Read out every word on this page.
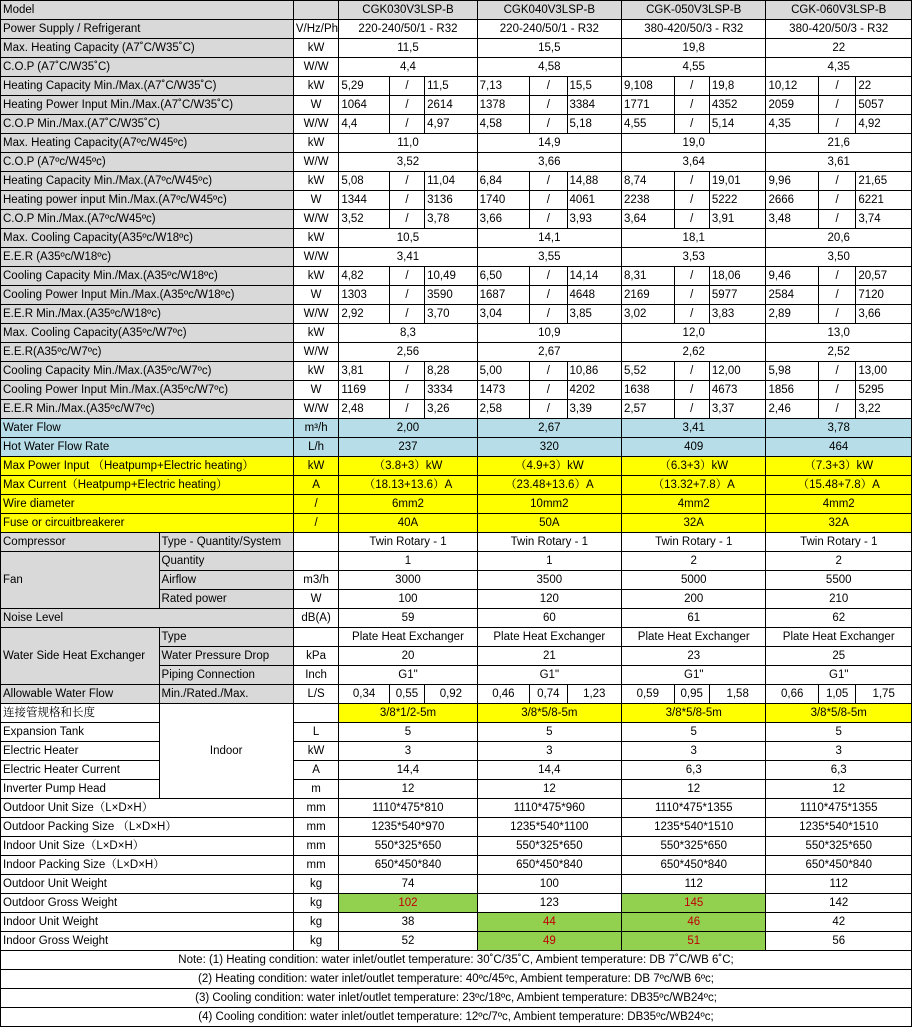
Model			CGK030V3LSP-B			CGK040V3LSP-B			CGK-050V3LSP-B			CGK-060V3LSP-B		
Power Supply / Refrigerant		V/Hz/Ph	220-240/50/1 - R32			220-240/50/1 - R32			380-420/50/3 - R32			380-420/50/3 - R32		
Max. Heating Capacity (A7˚C/W35˚C)		kW	11,5			15,5			19,8			22		
C.O.P (A7˚C/W35˚C)		W/W	4,4			4,58			4,55			4,35		
Heating Capacity Min./Max.(A7˚C/W35˚C)		kW	5,29	/	11,5	7,13	/	15,5	9,108	/	19,8	10,12	/	22
Heating Power Input Min./Max.(A7˚C/W35˚C)		W	1064	/	2614	1378	/	3384	1771	/	4352	2059	/	5057
C.O.P Min./Max.(A7˚C/W35˚C)		W/W	4,4	/	4,97	4,58	/	5,18	4,55	/	5,14	4,35	/	4,92
Max. Heating Capacity(A7ºc/W45ºc)		kW	11,0			14,9			19,0			21,6		
C.O.P (A7ºc/W45ºc)		W/W	3,52			3,66			3,64			3,61		
Heating Capacity Min./Max.(A7ºc/W45ºc)		kW	5,08	/	11,04	6,84	/	14,88	8,74	/	19,01	9,96	/	21,65
Heating power input Min./Max.(A7ºc/W45ºc)		W	1344	/	3136	1740	/	4061	2238	/	5222	2666	/	6221
C.O.P Min./Max.(A7ºc/W45ºc)		W/W	3,52	/	3,78	3,66	/	3,93	3,64	/	3,91	3,48	/	3,74
Max. Cooling Capacity(A35ºc/W18ºc)		kW	10,5			14,1			18,1			20,6		
E.E.R (A35ºc/W18ºc)		W/W	3,41			3,55			3,53			3,50		
Cooling Capacity Min./Max.(A35ºc/W18ºc)		kW	4,82	/	10,49	6,50	/	14,14	8,31	/	18,06	9,46	/	20,57
Cooling Power Input Min./Max.(A35ºc/W18ºc)		W	1303	/	3590	1687	/	4648	2169	/	5977	2584	/	7120
E.E.R Min./Max.(A35ºc/W18ºc)		W/W	2,92	/	3,70	3,04	/	3,85	3,02	/	3,83	2,89	/	3,66
Max. Cooling Capacity(A35ºc/W7ºc)		kW	8,3			10,9			12,0			13,0		
E.E.R(A35ºc/W7ºc)		W/W	2,56			2,67			2,62			2,52		
Cooling Capacity Min./Max.(A35ºc/W7ºc)		kW	3,81	/	8,28	5,00	/	10,86	5,52	/	12,00	5,98	/	13,00
Cooling Power Input Min./Max.(A35ºc/W7ºc)		W	1169	/	3334	1473	/	4202	1638	/	4673	1856	/	5295
E.E.R Min./Max.(A35ºc/W7ºc)		W/W	2,48	/	3,26	2,58	/	3,39	2,57	/	3,37	2,46	/	3,22
Water Flow		m³/h	2,00			2,67			3,41			3,78		
Hot Water Flow Rate		L/h	237			320			409			464		
Max Power Input （Heatpump+Electric heating）		kW	（3.8+3）kW			（4.9+3）kW			（6.3+3）kW			（7.3+3）kW		
Max Current（Heatpump+Electric heating）		A	（18.13+13.6）A			（23.48+13.6）A			（13.32+7.8）A			（15.48+7.8）A		
Wire diameter		/	6mm2			10mm2			4mm2			4mm2		
Fuse or circuitbreakerer		/	40A			50A			32A			32A		
Compressor	Type - Quantity/System		Twin Rotary - 1			Twin Rotary - 1			Twin Rotary - 1			Twin Rotary - 1		
Fan	Quantity		1			1			2			2		
	Airflow	m3/h	3000			3500			5000			5500		
	Rated power	W	100			120			200			210		
Noise Level		dB(A)	59			60			61			62		
Water Side Heat Exchanger	Type		Plate Heat Exchanger			Plate Heat Exchanger			Plate Heat Exchanger			Plate Heat Exchanger		
	Water Pressure Drop	kPa	20			21			23			25		
	Piping Connection	Inch	G1"			G1"			G1"			G1"		
Allowable Water Flow	Min./Rated./Max.	L/S	0,34	0,55	0,92	0,46	0,74	1,23	0,59	0,95	1,58	0,66	1,05	1,75
连接管规格和长度	Indoor		3/8*1/2-5m			3/8*5/8-5m			3/8*5/8-5m			3/8*5/8-5m		
Expansion Tank		L	5			5			5			5		
Electric Heater		kW	3			3			3			3		
Electric Heater Current		A	14,4			14,4			6,3			6,3		
Inverter Pump Head		m	12			12			12			12		
Outdoor Unit Size（L×D×H）		mm	1110*475*810			1110*475*960			1110*475*1355			1110*475*1355		
Outdoor Packing Size （L×D×H）		mm	1235*540*970			1235*540*1100			1235*540*1510			1235*540*1510		
Indoor Unit Size（L×D×H）		mm	550*325*650			550*325*650			550*325*650			550*325*650		
Indoor Packing Size（L×D×H）		mm	650*450*840			650*450*840			650*450*840			650*450*840		
Outdoor Unit Weight		kg	74			100			112			112		
Outdoor Gross Weight		kg	102			123			145			142		
Indoor Unit Weight		kg	38			44			46			42		
Indoor Gross Weight		kg	52			49			51			56		
Note: (1) Heating condition: water inlet/outlet temperature: 30˚C/35˚C, Ambient temperature: DB 7˚C/WB 6˚C;														
(2) Heating condition: water inlet/outlet temperature: 40ºc/45ºc, Ambient temperature: DB 7ºc/WB 6ºc;														
(3) Cooling condition: water inlet/outlet temperature: 23ºc/18ºc, Ambient temperature: DB35ºc/WB24ºc;														
(4) Cooling condition: water inlet/outlet temperature: 12ºc/7ºc, Ambient temperature: DB35ºc/WB24ºc;														
